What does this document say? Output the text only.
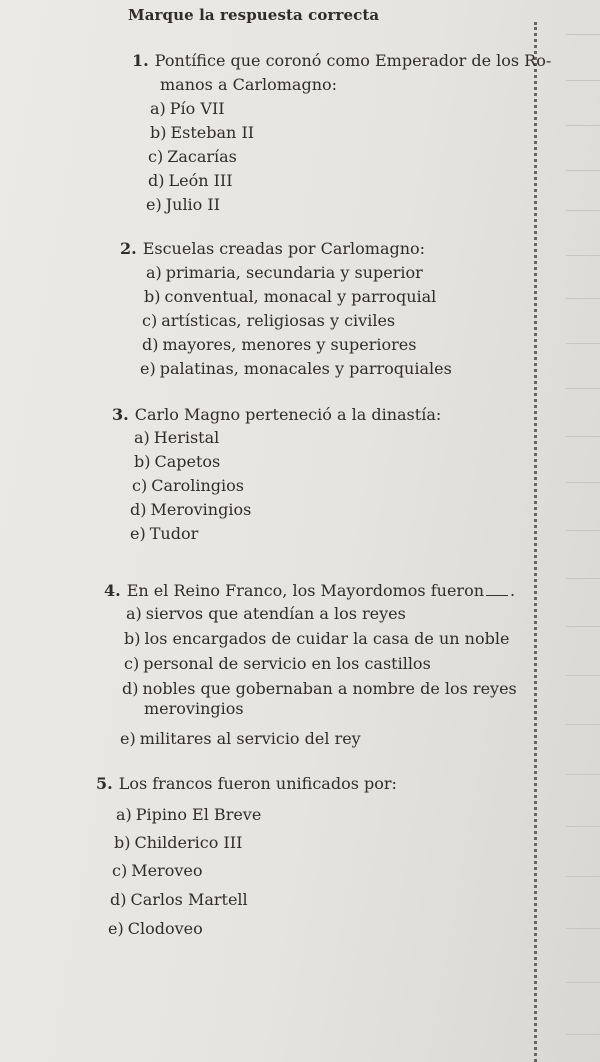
Marque la respuesta correcta
1. Pontífice que coronó como Emperador de los Ro-
manos a Carlomagno:
a) Pío VII
b) Esteban II
c) Zacarías
d) León III
e) Julio II
2. Escuelas creadas por Carlomagno:
a) primaria, secundaria y superior
b) conventual, monacal y parroquial
c) artísticas, religiosas y civiles
d) mayores, menores y superiores
e) palatinas, monacales y parroquiales
3. Carlo Magno perteneció a la dinastía:
a) Heristal
b) Capetos
c) Carolingios
d) Merovingios
e) Tudor
4. En el Reino Franco, los Mayordomos fueron .
a) siervos que atendían a los reyes
b) los encargados de cuidar la casa de un noble
c) personal de servicio en los castillos
d) nobles que gobernaban a nombre de los reyes
merovingios
e) militares al servicio del rey
5. Los francos fueron unificados por:
a) Pipino El Breve
b) Childerico III
c) Meroveo
d) Carlos Martell
e) Clodoveo
